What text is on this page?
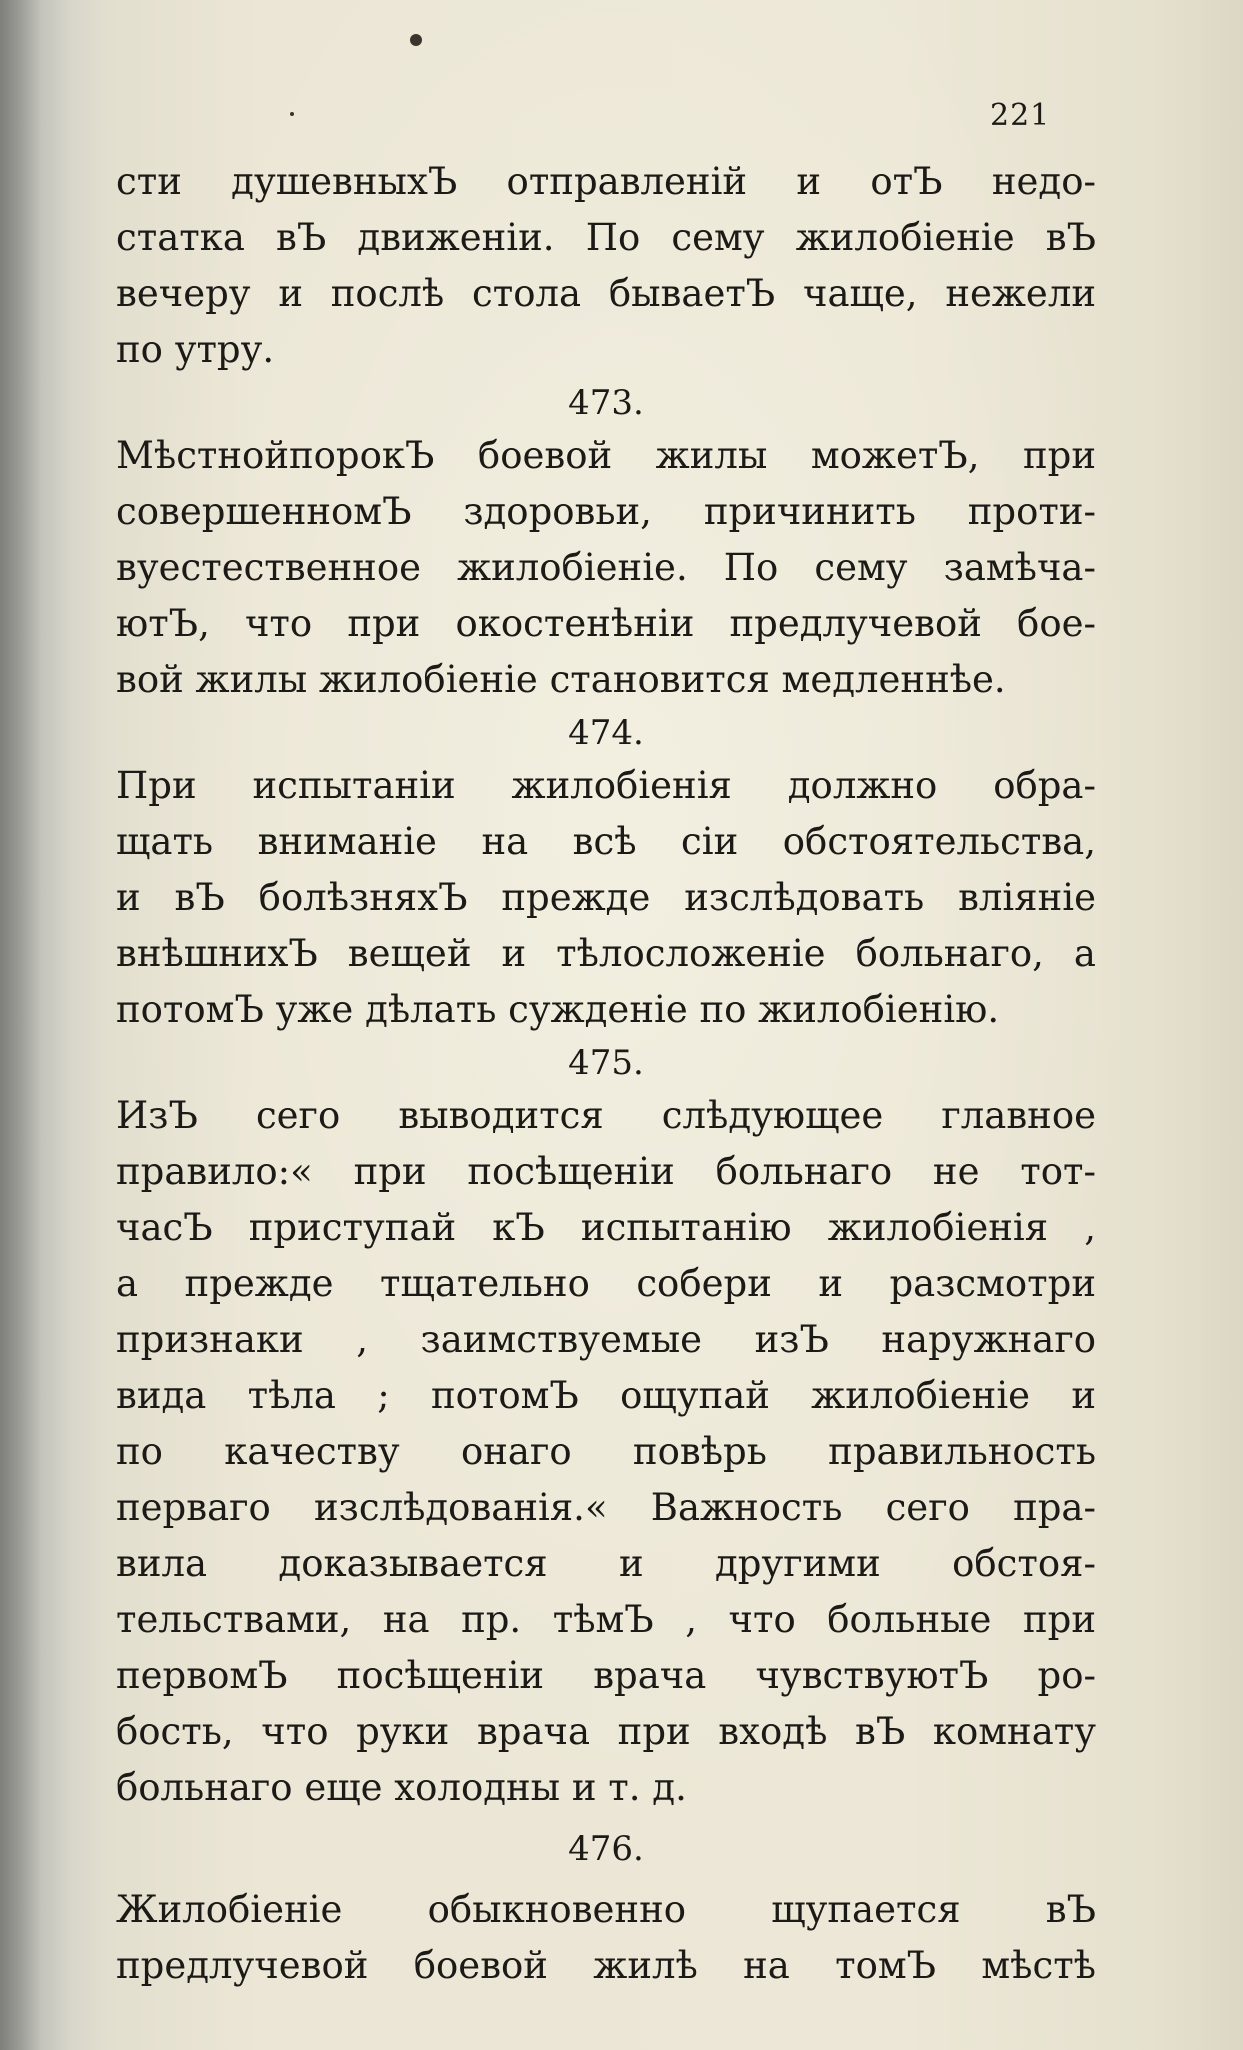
221
сти душевныхЪ отправленій и отЪ недо-
статка вЪ движеніи. По сему жилобіеніе вЪ
вечеру и послѣ стола бываетЪ чаще, нежели
по утру.
473.
МѣстнойпорокЪ боевой жилы можетЪ, при
совершенномЪ здоровьи, причинить проти-
вуестественное жилобіеніе. По сему замѣча-
ютЪ, что при окостенѣніи предлучевой бое-
вой жилы жилобіеніе становится медленнѣе.
474.
При испытаніи жилобіенія должно обра-
щать вниманіе на всѣ сіи обстоятельства,
и вЪ болѣзняхЪ прежде изслѣдовать вліяніе
внѣшнихЪ вещей и тѣлосложеніе больнаго, а
потомЪ уже дѣлать сужденіе по жилобіенію.
475.
ИзЪ сего выводится слѣдующее главное
правило:« при посѣщеніи больнаго не тот-
часЪ приступай кЪ испытанію жилобіенія ,
а прежде тщательно собери и разсмотри
признаки , заимствуемые изЪ наружнаго
вида тѣла ; потомЪ ощупай жилобіеніе и
по качеству онаго повѣрь правильность
перваго изслѣдованія.« Важность сего пра-
вила доказывается и другими обстоя-
тельствами, на пр. тѣмЪ , что больные при
первомЪ посѣщеніи врача чувствуютЪ ро-
бость, что руки врача при входѣ вЪ комнату
больнаго еще холодны и т. д.
476.
Жилобіеніе обыкновенно щупается вЪ
предлучевой боевой жилѣ на томЪ мѣстѣ
